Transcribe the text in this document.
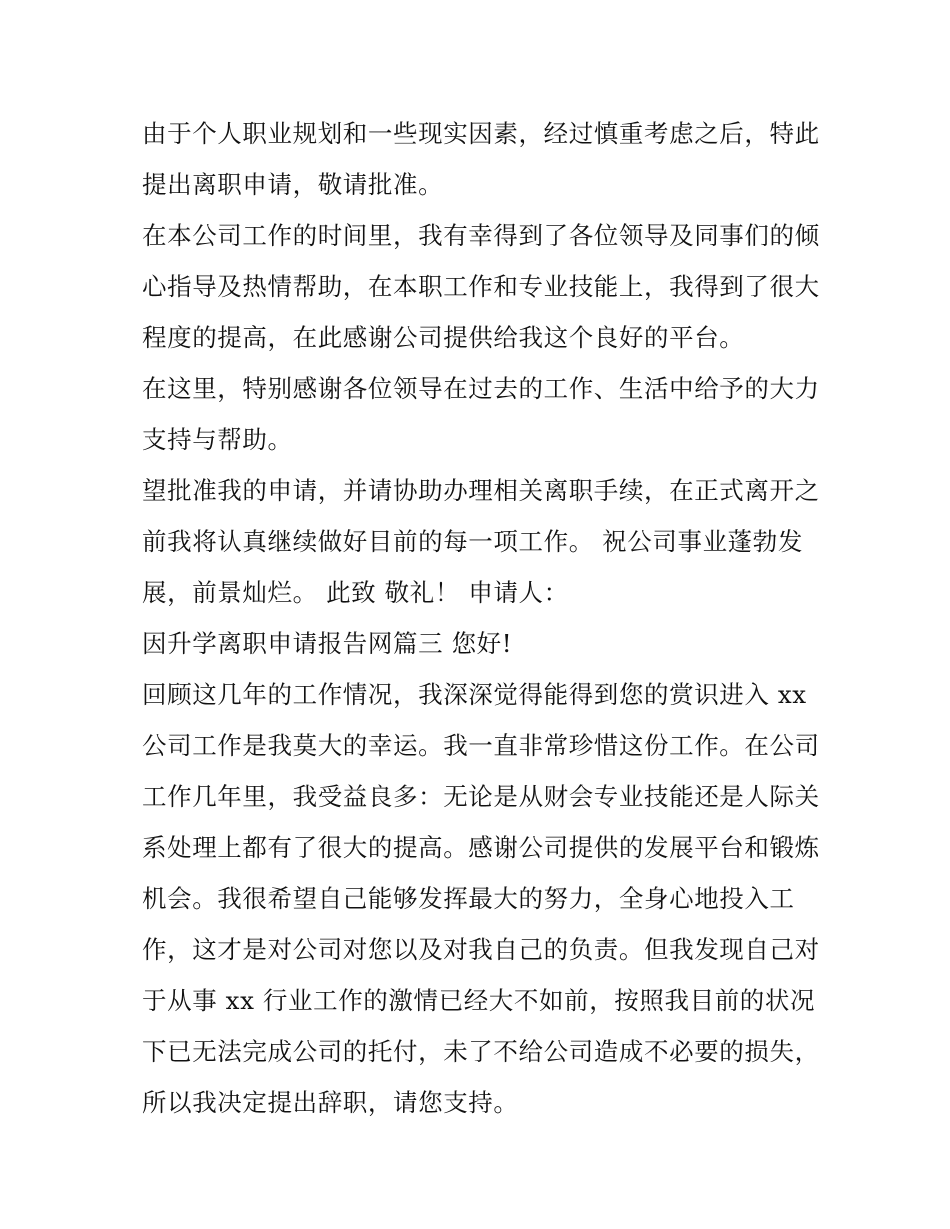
由于个人职业规划和一些现实因素，经过慎重考虑之后，特此
提出离职申请，敬请批准。
在本公司工作的时间里，我有幸得到了各位领导及同事们的倾
心指导及热情帮助，在本职工作和专业技能上，我得到了很大
程度的提高，在此感谢公司提供给我这个良好的平台。
在这里，特别感谢各位领导在过去的工作、生活中给予的大力
支持与帮助。
望批准我的申请，并请协助办理相关离职手续，在正式离开之
前我将认真继续做好目前的每一项工作。 祝公司事业蓬勃发
展，前景灿烂。 此致 敬礼！ 申请人：
因升学离职申请报告网篇三 您好!
回顾这几年的工作情况，我深深觉得能得到您的赏识进入 xx
公司工作是我莫大的幸运。我一直非常珍惜这份工作。在公司
工作几年里，我受益良多：无论是从财会专业技能还是人际关
系处理上都有了很大的提高。感谢公司提供的发展平台和锻炼
机会。我很希望自己能够发挥最大的努力，全身心地投入工
作，这才是对公司对您以及对我自己的负责。但我发现自己对
于从事 xx 行业工作的激情已经大不如前，按照我目前的状况
下已无法完成公司的托付，未了不给公司造成不必要的损失，
所以我决定提出辞职，请您支持。
